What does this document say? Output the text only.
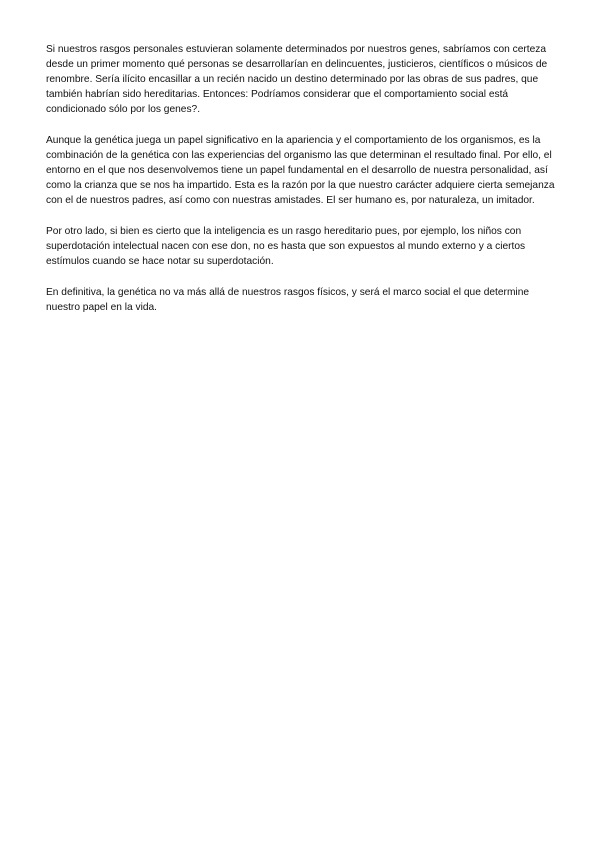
Si nuestros rasgos personales estuvieran solamente determinados por nuestros genes, sabríamos con certeza desde un primer momento qué personas se desarrollarían en delincuentes, justicieros, científicos o músicos de renombre. Sería ilícito encasillar a un recién nacido un destino determinado por las obras de sus padres, que también habrían sido hereditarias. Entonces: Podríamos considerar que el comportamiento social está condicionado sólo por los genes?.

Aunque la genética juega un papel significativo en la apariencia y el comportamiento de los organismos, es la combinación de la genética con las experiencias del organismo las que determinan el resultado final. Por ello, el entorno en el que nos desenvolvemos tiene un papel fundamental en el desarrollo de nuestra personalidad, así como la crianza que se nos ha impartido. Esta es la razón por la que nuestro carácter adquiere cierta semejanza con el de nuestros padres, así como con nuestras amistades. El ser humano es, por naturaleza, un imitador.

Por otro lado, si bien es cierto que la inteligencia es un rasgo hereditario pues, por ejemplo, los niños con superdotación intelectual nacen con ese don, no es hasta que son expuestos al mundo externo y a ciertos estímulos cuando se hace notar su superdotación.

En definitiva, la genética no va más allá de nuestros rasgos físicos, y será el marco social el que determine nuestro papel en la vida.
